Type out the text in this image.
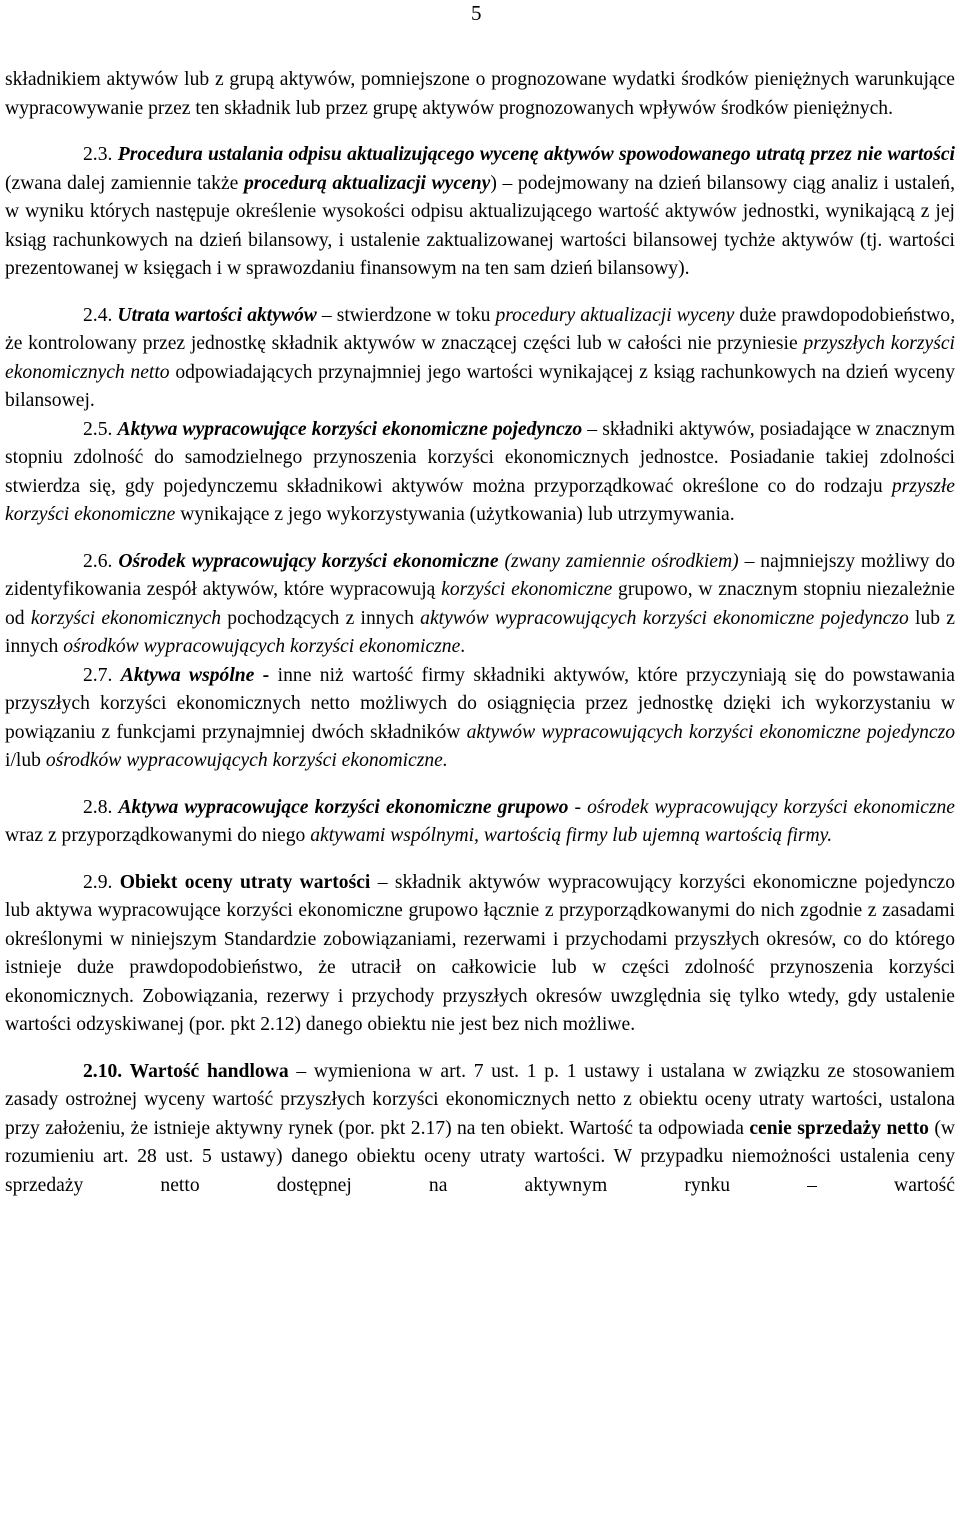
5

składnikiem aktywów lub z grupą aktywów, pomniejszone o prognozowane wydatki środków pieniężnych warunkujące wypracowywanie przez ten składnik lub przez grupę aktywów prognozowanych wpływów środków pieniężnych.

2.3. Procedura ustalania odpisu aktualizującego wycenę aktywów spowodowanego utratą przez nie wartości (zwana dalej zamiennie także procedurą aktualizacji wyceny) – podejmowany na dzień bilansowy ciąg analiz i ustaleń, w wyniku których następuje określenie wysokości odpisu aktualizującego wartość aktywów jednostki, wynikającą z jej ksiąg rachunkowych na dzień bilansowy, i ustalenie zaktualizowanej wartości bilansowej tychże aktywów (tj. wartości prezentowanej w księgach i w sprawozdaniu finansowym na ten sam dzień bilansowy).

2.4. Utrata wartości aktywów – stwierdzone w toku procedury aktualizacji wyceny duże prawdopodobieństwo, że kontrolowany przez jednostkę składnik aktywów w znaczącej części lub w całości nie przyniesie przyszłych korzyści ekonomicznych netto odpowiadających przynajmniej jego wartości wynikającej z ksiąg rachunkowych na dzień wyceny bilansowej.

2.5. Aktywa wypracowujące korzyści ekonomiczne pojedynczo – składniki aktywów, posiadające w znacznym stopniu zdolność do samodzielnego przynoszenia korzyści ekonomicznych jednostce. Posiadanie takiej zdolności stwierdza się, gdy pojedynczemu składnikowi aktywów można przyporządkować określone co do rodzaju przyszłe korzyści ekonomiczne wynikające z jego wykorzystywania (użytkowania) lub utrzymywania.

2.6. Ośrodek wypracowujący korzyści ekonomiczne (zwany zamiennie ośrodkiem) – najmniejszy możliwy do zidentyfikowania zespół aktywów, które wypracowują korzyści ekonomiczne grupowo, w znacznym stopniu niezależnie od korzyści ekonomicznych pochodzących z innych aktywów wypracowujących korzyści ekonomiczne pojedynczo lub z innych ośrodków wypracowujących korzyści ekonomiczne.

2.7. Aktywa wspólne - inne niż wartość firmy składniki aktywów, które przyczyniają się do powstawania przyszłych korzyści ekonomicznych netto możliwych do osiągnięcia przez jednostkę dzięki ich wykorzystaniu w powiązaniu z funkcjami przynajmniej dwóch składników aktywów wypracowujących korzyści ekonomiczne pojedynczo i/lub ośrodków wypracowujących korzyści ekonomiczne.

2.8. Aktywa wypracowujące korzyści ekonomiczne grupowo - ośrodek wypracowujący korzyści ekonomiczne wraz z przyporządkowanymi do niego aktywami wspólnymi, wartością firmy lub ujemną wartością firmy.

2.9. Obiekt oceny utraty wartości – składnik aktywów wypracowujący korzyści ekonomiczne pojedynczo lub aktywa wypracowujące korzyści ekonomiczne grupowo łącznie z przyporządkowanymi do nich zgodnie z zasadami określonymi w niniejszym Standardzie zobowiązaniami, rezerwami i przychodami przyszłych okresów, co do którego istnieje duże prawdopodobieństwo, że utracił on całkowicie lub w części zdolność przynoszenia korzyści ekonomicznych. Zobowiązania, rezerwy i przychody przyszłych okresów uwzględnia się tylko wtedy, gdy ustalenie wartości odzyskiwanej (por. pkt 2.12) danego obiektu nie jest bez nich możliwe.

2.10. Wartość handlowa – wymieniona w art. 7 ust. 1 p. 1 ustawy i ustalana w związku ze stosowaniem zasady ostrożnej wyceny wartość przyszłych korzyści ekonomicznych netto z obiektu oceny utraty wartości, ustalona przy założeniu, że istnieje aktywny rynek (por. pkt 2.17) na ten obiekt. Wartość ta odpowiada cenie sprzedaży netto (w rozumieniu art. 28 ust. 5 ustawy) danego obiektu oceny utraty wartości. W przypadku niemożności ustalenia ceny sprzedaży netto dostępnej na aktywnym rynku – wartość
